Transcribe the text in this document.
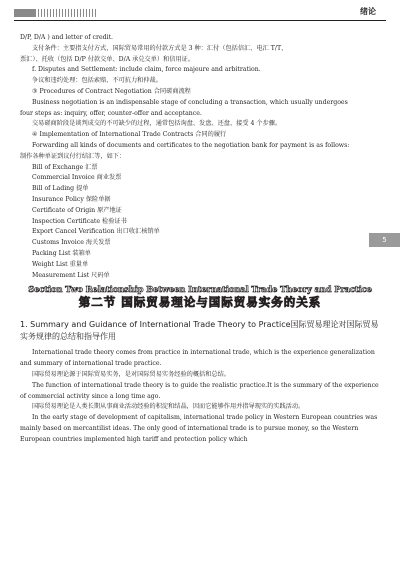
绪论
5

D/P, D/A ) and letter of credit.

支付条件：主要指支付方式，国际贸易常用的付款方式是 3 种：汇付（包括信汇、电汇 T/T、

票汇）、托收（包括 D/P 付款交单、D/A 承兑交单）和信用证。

f. Disputes and Settlement: include claim, force majeure and arbitration.

争议和违约处理：包括索赔、不可抗力和仲裁。

③ Procedures of Contract Negotiation 合同磋商流程

Business negotiation is an indispensable stage of concluding a transaction, which usually undergoes

four steps as: inquiry, offer, counter-offer and acceptance.

交易磋商阶段是谈判成交的不可缺少的过程，通常包括询盘、发盘、还盘、接受 4 个步骤。

④ Implementation of International Trade Contracts 合同的履行

Forwarding all kinds of documents and certificates to the negotiation bank for payment is as follows:

制作各种单证到议付行结汇等，如下：

Bill of Exchange 汇票

Commercial Invoice 商业发票

Bill of Lading 提单

Insurance Policy 保险单据

Certificate of Origin 原产地证

Inspection Certificate 检验证书

Export Cancel Verification 出口收汇核销单

Customs Invoice 海关发票

Packing List 装箱单

Weight List 重量单

Measurement List 尺码单

Section Two Relationship Between International Trade Theory and Practice
第二节 国际贸易理论与国际贸易实务的关系
1. Summary and Guidance of International Trade Theory to Practice国际贸易理论对国际贸易实务规律的总结和指导作用

International trade theory comes from practice in international trade, which is the experience generalization and summary of international trade practice.

国际贸易理论源于国际贸易实务，是对国际贸易实务经验的概括和总结。

The function of international trade theory is to guide the realistic practice.It is the summary of the experience of commercial activity since a long time ago.

国际贸易理论是人类长期从事商业活动经验的积淀和结晶，因而它能够作用并指导现实的实践活动。

In the early stage of development of capitalism, international trade policy in Western European countries was mainly based on mercantilist ideas. The only good of international trade is to pursue money, so the Western European countries implemented high tariff and protection policy which
